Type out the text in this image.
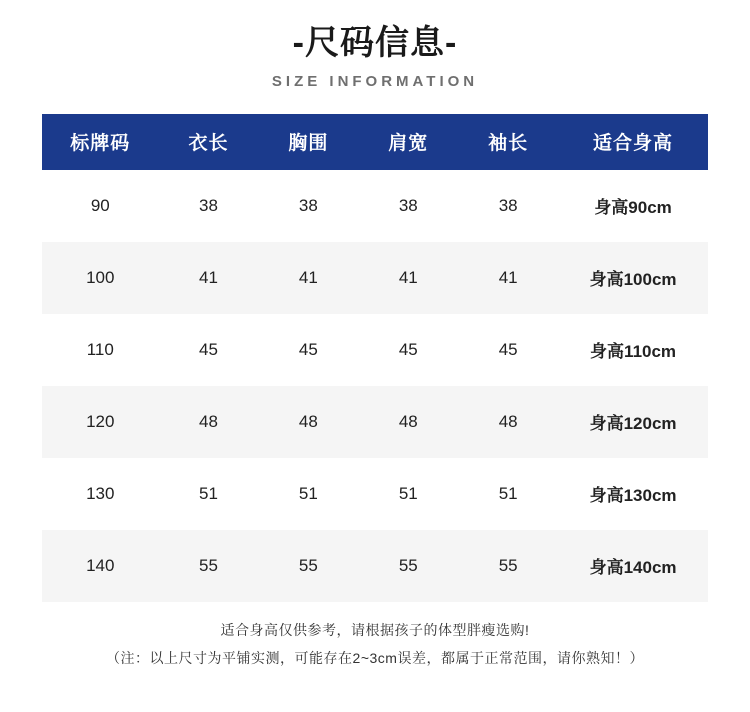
-尺码信息-
SIZE INFORMATION
标牌码	衣长	胸围	肩宽	袖长	适合身高
90	38	38	38	38	身高90cm
100	41	41	41	41	身高100cm
110	45	45	45	45	身高110cm
120	48	48	48	48	身高120cm
130	51	51	51	51	身高130cm
140	55	55	55	55	身高140cm
适合身高仅供参考，请根据孩子的体型胖瘦选购!
（注：以上尺寸为平铺实测，可能存在2~3cm误差，都属于正常范围，请你熟知！）
